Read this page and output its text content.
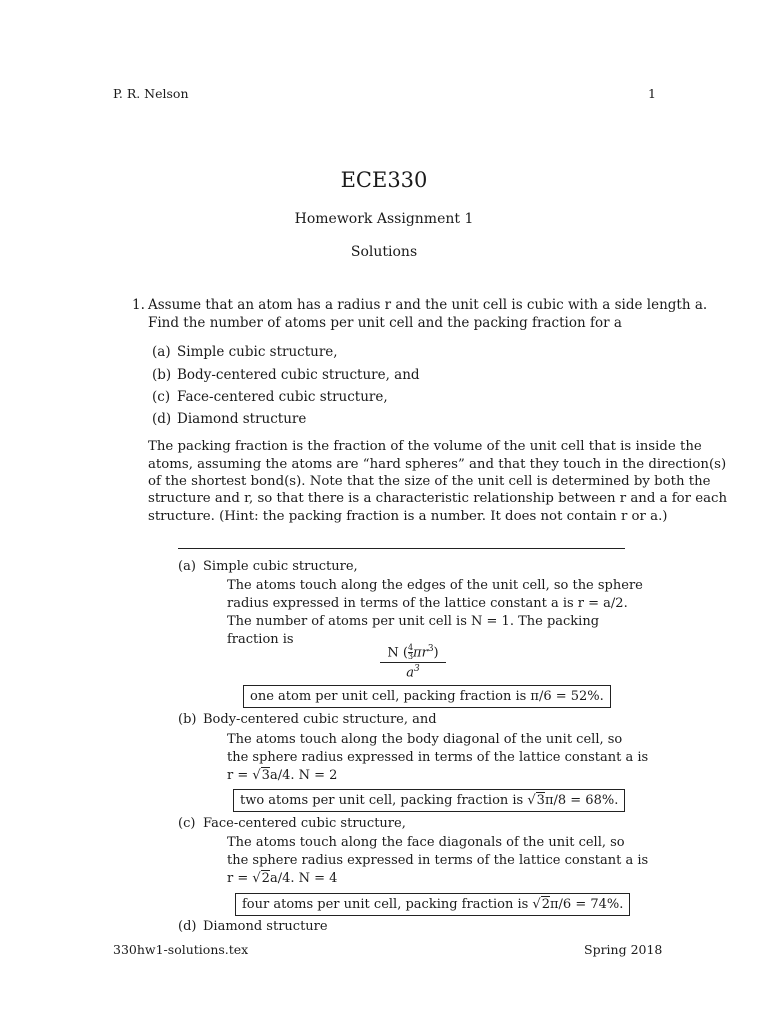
P. R. Nelson	1
ECE330
Homework Assignment 1
Solutions
1. Assume that an atom has a radius r and the unit cell is cubic with a side length a.
Find the number of atoms per unit cell and the packing fraction for a
(a) Simple cubic structure,
(b) Body-centered cubic structure, and
(c) Face-centered cubic structure,
(d) Diamond structure
The packing fraction is the fraction of the volume of the unit cell that is inside the
atoms, assuming the atoms are “hard spheres” and that they touch in the direction(s)
of the shortest bond(s). Note that the size of the unit cell is determined by both the
structure and r, so that there is a characteristic relationship between r and a for each
structure. (Hint: the packing fraction is a number. It does not contain r or a.)
(a) Simple cubic structure,
The atoms touch along the edges of the unit cell, so the sphere
radius expressed in terms of the lattice constant a is r = a/2.
The number of atoms per unit cell is N = 1. The packing
fraction is
N $(\frac{4}{3}\pi r^3)$
$a^3$
one atom per unit cell, packing fraction is π/6 = 52%.
(b) Body-centered cubic structure, and
The atoms touch along the body diagonal of the unit cell, so
the sphere radius expressed in terms of the lattice constant a is
r = √3a/4. N = 2
two atoms per unit cell, packing fraction is √3π/8 = 68%.
(c) Face-centered cubic structure,
The atoms touch along the face diagonals of the unit cell, so
the sphere radius expressed in terms of the lattice constant a is
r = √2a/4. N = 4
four atoms per unit cell, packing fraction is √2π/6 = 74%.
(d) Diamond structure
330hw1-solutions.tex	Spring 2018
